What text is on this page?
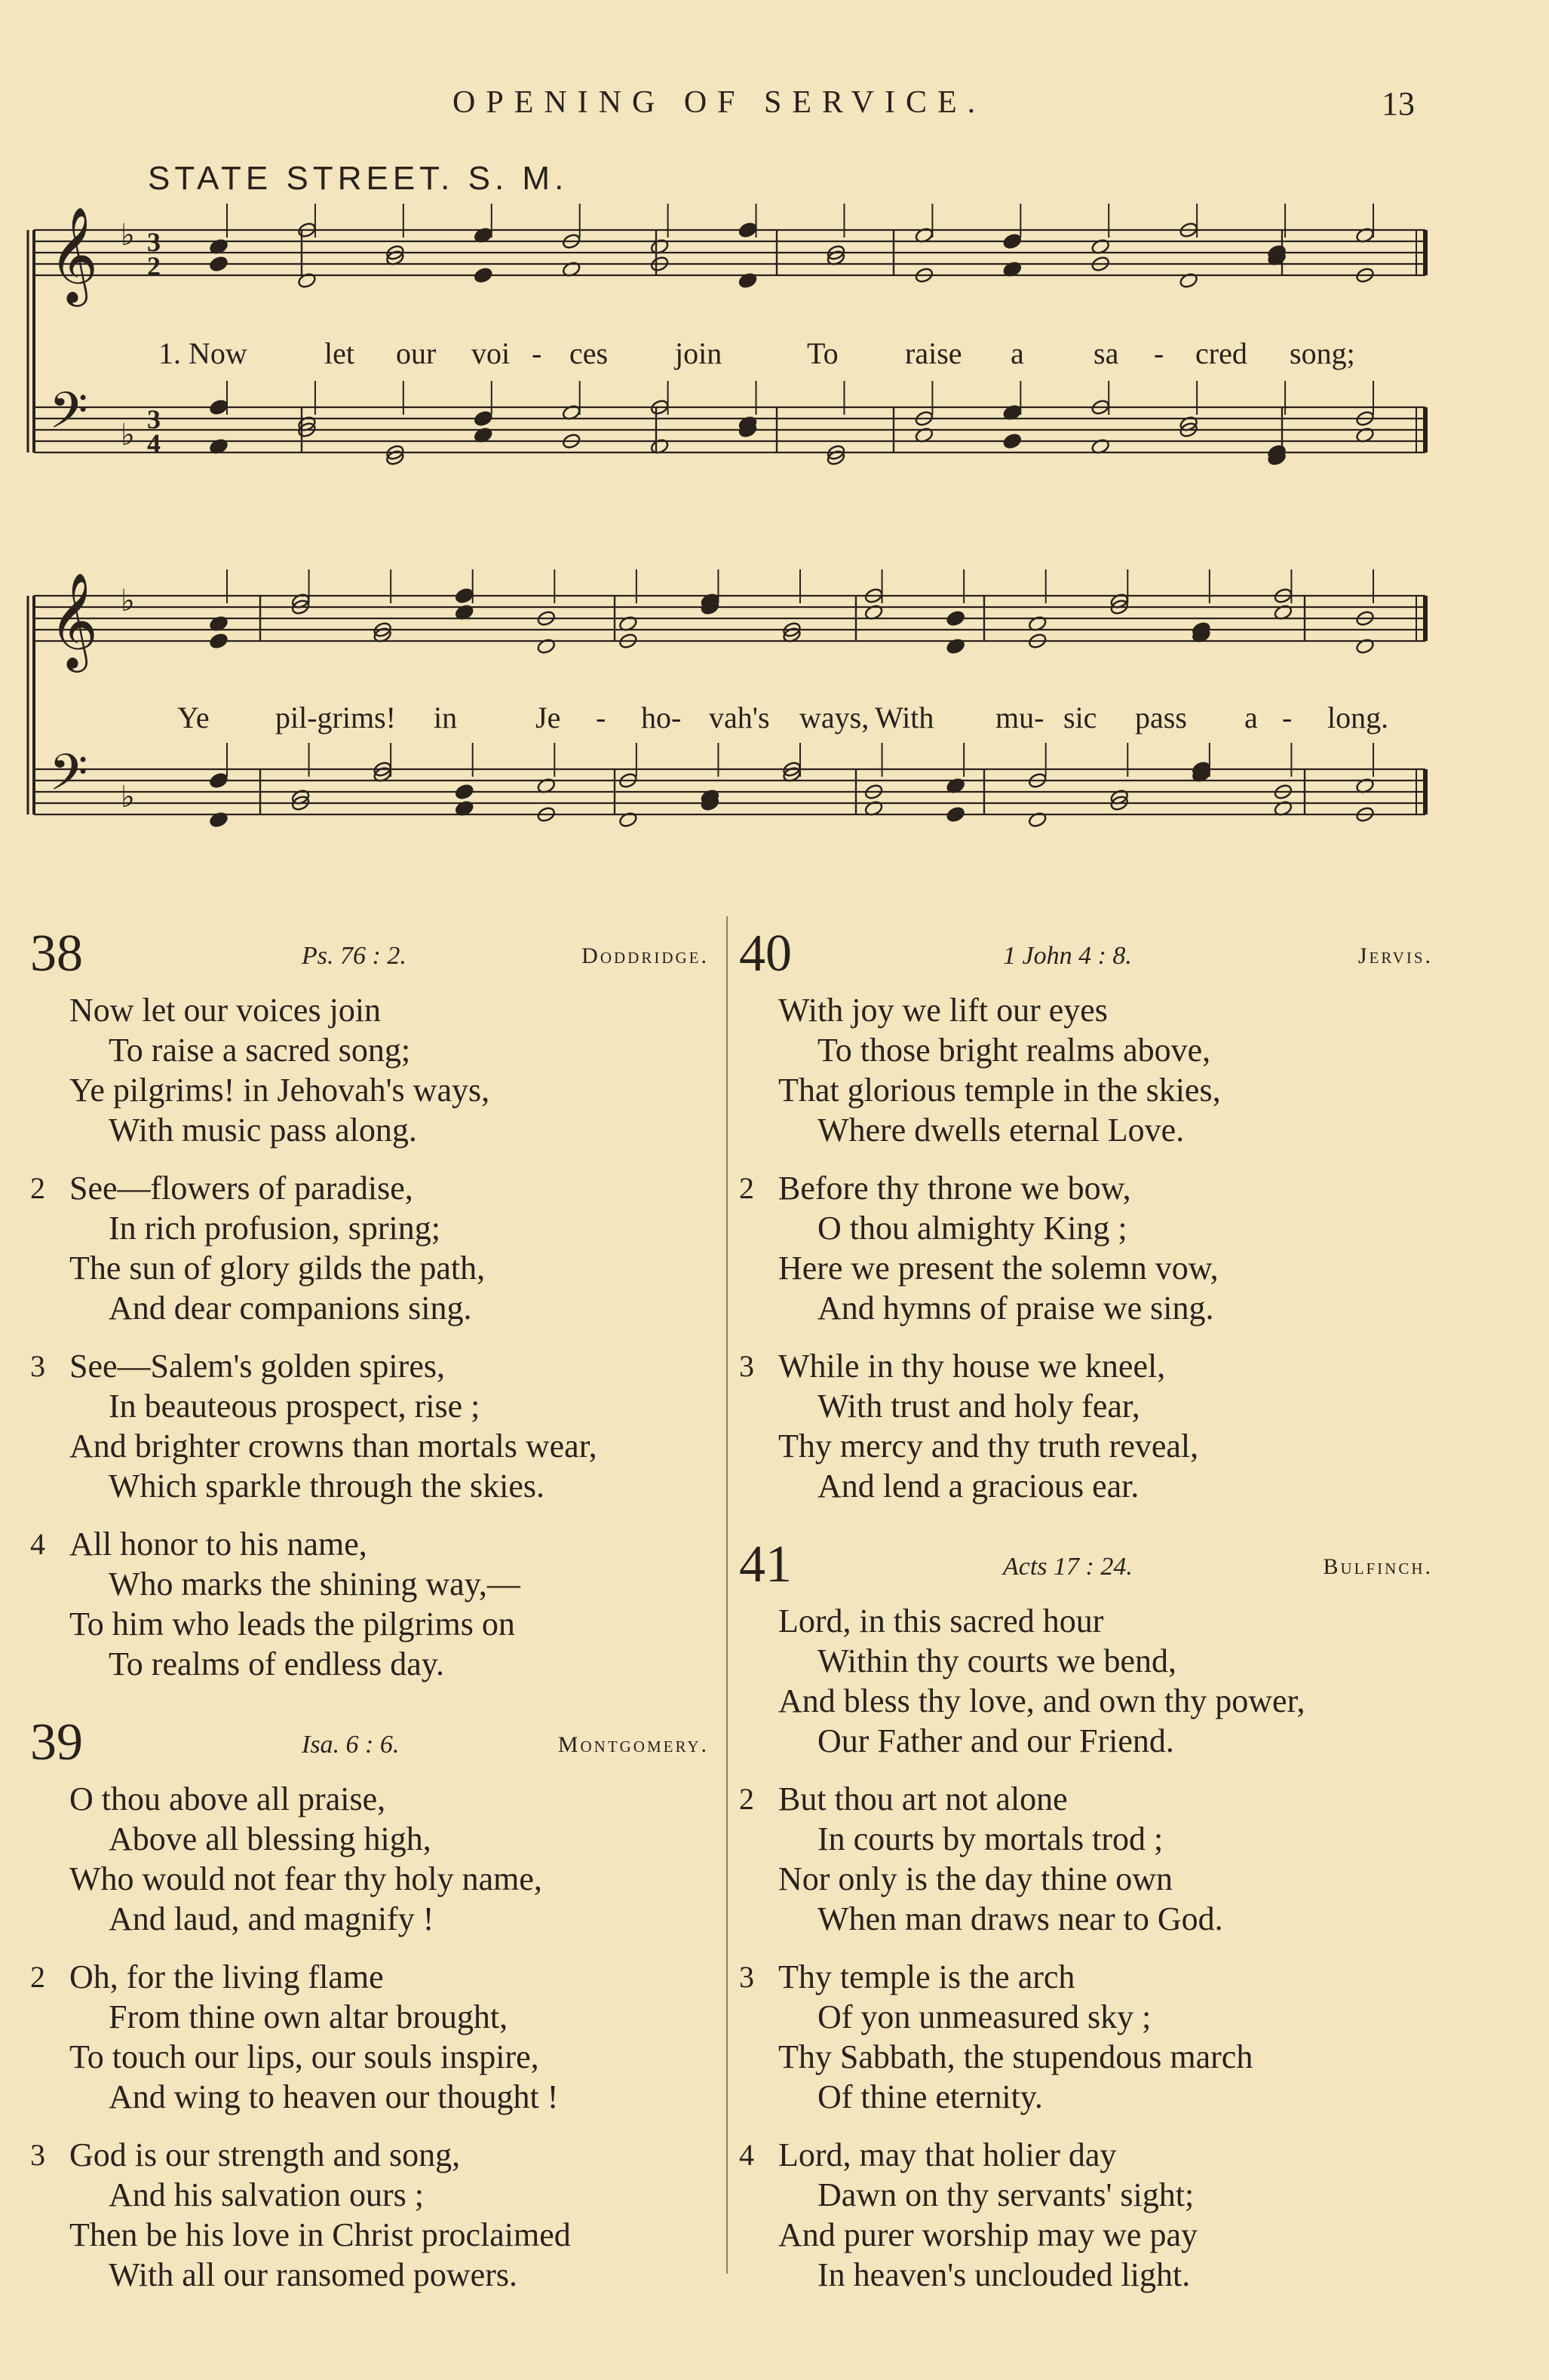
OPENING OF SERVICE.	13
STATE STREET. S. M.
𝄞 ♭
𝄢 ♭
𝄞 ♭
𝄢 ♭
3
2
3
4
1. Now	let our voi - ces join	To raise a sa - cred song;
Ye pil-grims! in	Je - ho- vah's ways, With mu- sic pass a - long.
38	Ps. 76 : 2.	Doddridge.
Now let our voices join
To raise a sacred song;
Ye pilgrims! in Jehovah's ways,
With music pass along.
2 See—flowers of paradise,
In rich profusion, spring;
The sun of glory gilds the path,
And dear companions sing.
3 See—Salem's golden spires,
In beauteous prospect, rise ;
And brighter crowns than mortals wear,
Which sparkle through the skies.
4 All honor to his name,
Who marks the shining way,—
To him who leads the pilgrims on
To realms of endless day.
39	Isa. 6 : 6.	Montgomery.
O thou above all praise,
Above all blessing high,
Who would not fear thy holy name,
And laud, and magnify !
2 Oh, for the living flame
From thine own altar brought,
To touch our lips, our souls inspire,
And wing to heaven our thought !
3 God is our strength and song,
And his salvation ours ;
Then be his love in Christ proclaimed
With all our ransomed powers.
40	1 John 4 : 8.	Jervis.
With joy we lift our eyes
To those bright realms above,
That glorious temple in the skies,
Where dwells eternal Love.
2 Before thy throne we bow,
O thou almighty King ;
Here we present the solemn vow,
And hymns of praise we sing.
3 While in thy house we kneel,
With trust and holy fear,
Thy mercy and thy truth reveal,
And lend a gracious ear.
41	Acts 17 : 24.	Bulfinch.
Lord, in this sacred hour
Within thy courts we bend,
And bless thy love, and own thy power,
Our Father and our Friend.
2 But thou art not alone
In courts by mortals trod ;
Nor only is the day thine own
When man draws near to God.
3 Thy temple is the arch
Of yon unmeasured sky ;
Thy Sabbath, the stupendous march
Of thine eternity.
4 Lord, may that holier day
Dawn on thy servants' sight;
And purer worship may we pay
In heaven's unclouded light.
